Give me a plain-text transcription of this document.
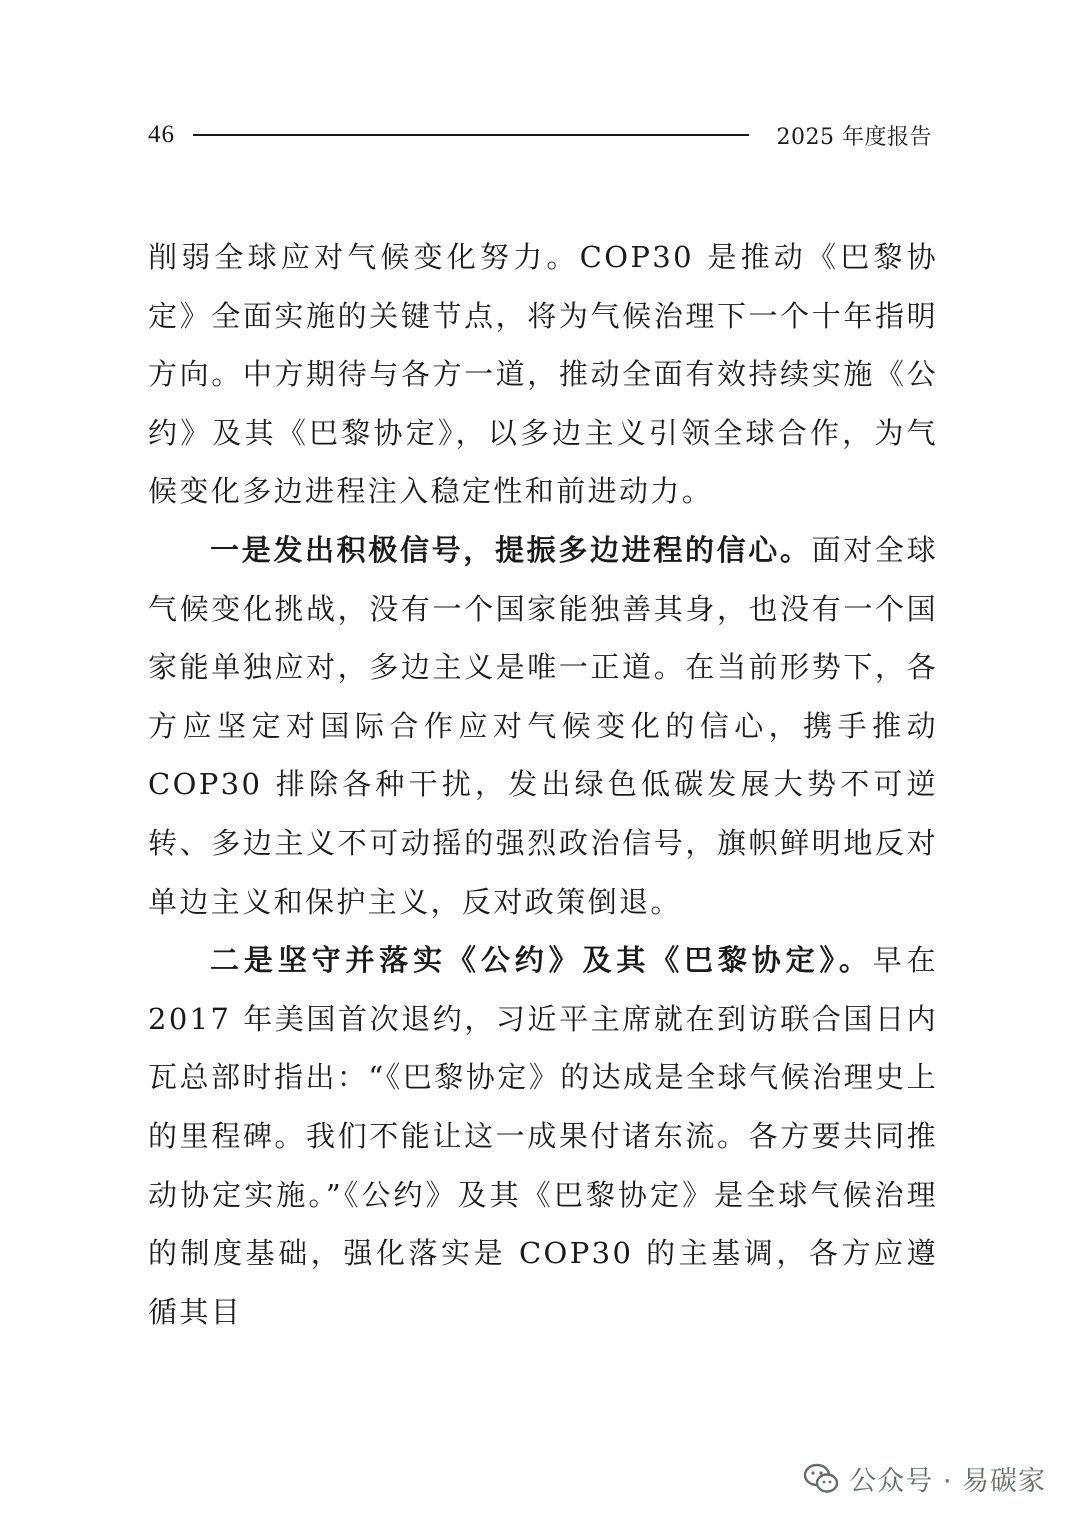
46	2025 年度报告

削弱全球应对气候变化努力。COP30 是推动《巴黎协定》全面实施的关键节点，将为气候治理下一个十年指明方向。中方期待与各方一道，推动全面有效持续实施《公约》及其《巴黎协定》，以多边主义引领全球合作，为气候变化多边进程注入稳定性和前进动力。

一是发出积极信号，提振多边进程的信心。面对全球气候变化挑战，没有一个国家能独善其身，也没有一个国家能单独应对，多边主义是唯一正道。在当前形势下，各方应坚定对国际合作应对气候变化的信心，携手推动 COP30 排除各种干扰，发出绿色低碳发展大势不可逆转、多边主义不可动摇的强烈政治信号，旗帜鲜明地反对单边主义和保护主义，反对政策倒退。

二是坚守并落实《公约》及其《巴黎协定》。早在 2017 年美国首次退约，习近平主席就在到访联合国日内瓦总部时指出：“《巴黎协定》的达成是全球气候治理史上的里程碑。我们不能让这一成果付诸东流。各方要共同推动协定实施。”《公约》及其《巴黎协定》是全球气候治理的制度基础，强化落实是 COP30 的主基调，各方应遵循其目

公众号 · 易碳家
